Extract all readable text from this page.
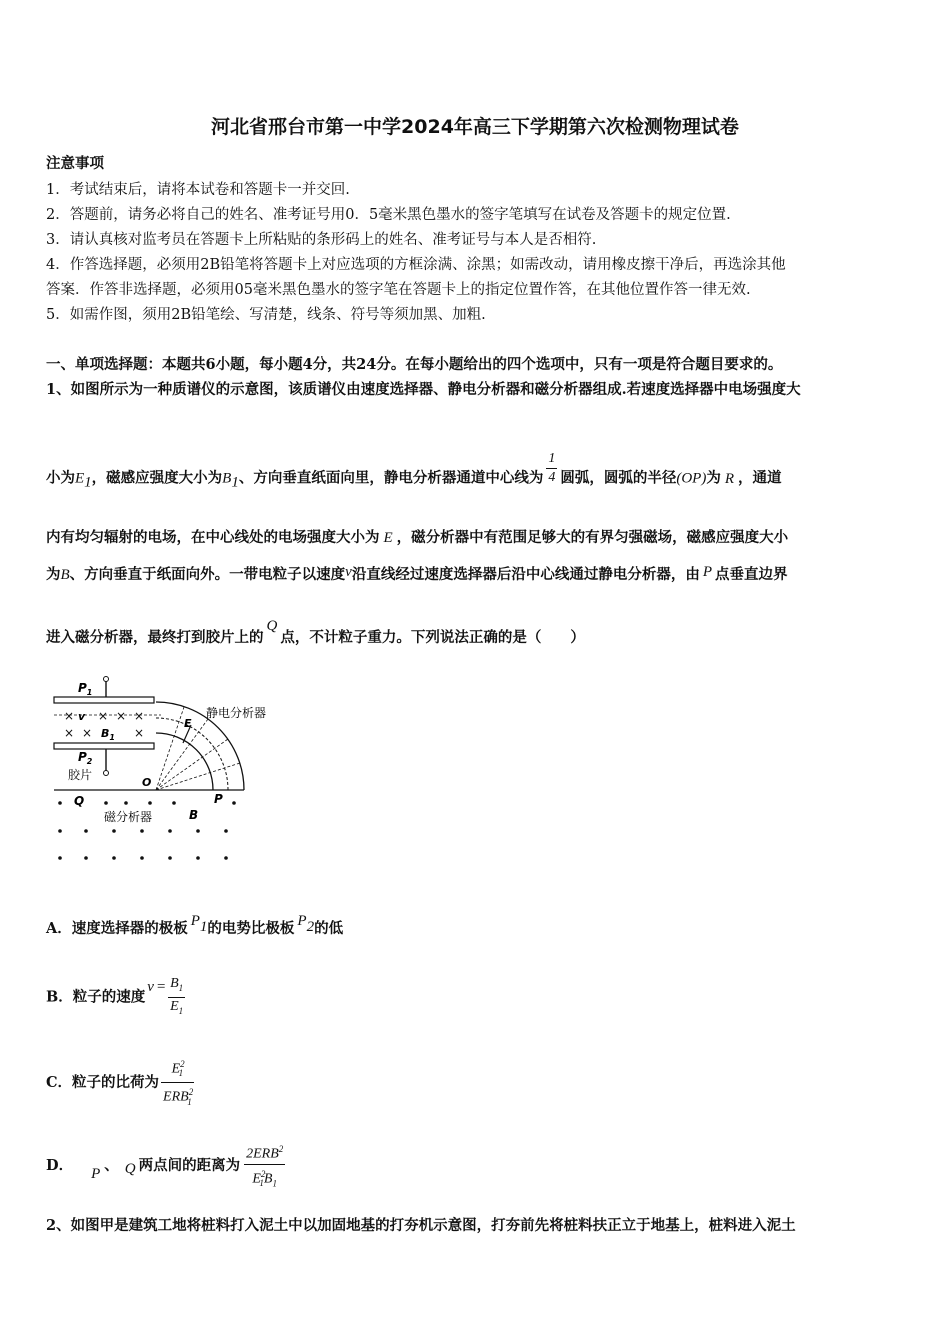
河北省邢台市第一中学2024年高三下学期第六次检测物理试卷
注意事项
1．考试结束后，请将本试卷和答题卡一并交回.
2．答题前，请务必将自己的姓名、准考证号用0．5毫米黑色墨水的签字笔填写在试卷及答题卡的规定位置.
3．请认真核对监考员在答题卡上所粘贴的条形码上的姓名、准考证号与本人是否相符.
4．作答选择题，必须用2B铅笔将答题卡上对应选项的方框涂满、涂黑；如需改动，请用橡皮擦干净后，再选涂其他
答案．作答非选择题，必须用05毫米黑色墨水的签字笔在答题卡上的指定位置作答，在其他位置作答一律无效.
5．如需作图，须用2B铅笔绘、写清楚，线条、符号等须加黑、加粗.
一、单项选择题：本题共6小题，每小题4分，共24分。在每小题给出的四个选项中，只有一项是符合题目要求的。
1、如图所示为一种质谱仪的示意图，该质谱仪由速度选择器、静电分析器和磁分析器组成.若速度选择器中电场强度大
小为$E_1$，磁感应强度大小为$B_1$、方向垂直纸面向里，静电分析器通道中心线为 $\frac{1}{4}$ 圆弧，圆弧的半径(OP)为 R ，通道
内有均匀辐射的电场，在中心线处的电场强度大小为 E ，磁分析器中有范围足够大的有界匀强磁场，磁感应强度大小
为B、方向垂直于纸面向外。一带电粒子以速度v沿直线经过速度选择器后沿中心线通过静电分析器，由 P 点垂直边界
进入磁分析器，最终打到胶片上的Q点，不计粒子重力。下列说法正确的是（　　）
$P_1$
× × × ×
× ×	×
v
$B_1$
$P_2$
胶片
E
静电分析器
O
Q	P
磁分析器	B
A．速度选择器的极板 $P_1$的电势比极板 $P_2$的低
B．粒子的速度$v = \frac{B_1}{E_1}$
C．粒子的比荷为 $\frac{E^2_1}{ERB^2_1}$
D． P 、 Q 两点间的距离为 $\frac{2ERB^2}{E^2_1B_1}$
2、如图甲是建筑工地将桩料打入泥土中以加固地基的打夯机示意图，打夯前先将桩料扶正立于地基上，桩料进入泥土
